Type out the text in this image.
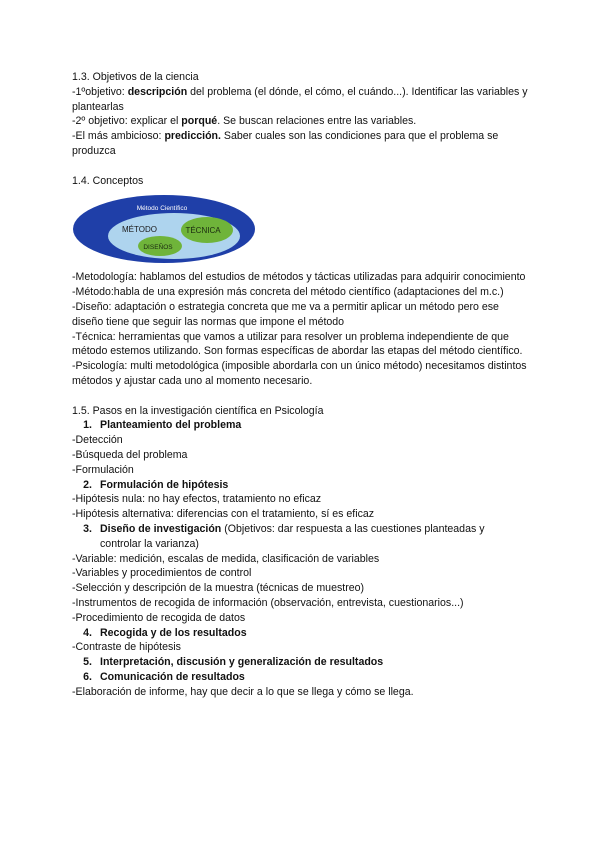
1.3. Objetivos de la ciencia
-1ºobjetivo: descripción del problema (el dónde, el cómo, el cuándo...). Identificar las variables y plantearlas
-2º objetivo: explicar el porqué. Se buscan relaciones entre las variables.
-El más ambicioso: predicción. Saber cuales son las condiciones para que el problema se produzca
1.4. Conceptos
Método Científico
MÉTODO	TÉCNICA
DISEÑOS
-Metodología: hablamos del estudios de métodos y tácticas utilizadas para adquirir conocimiento
-Método:habla de una expresión más concreta del método científico (adaptaciones del m.c.)
-Diseño: adaptación o estrategia concreta que me va a permitir aplicar un método pero ese diseño tiene que seguir las normas que impone el método
-Técnica: herramientas que vamos a utilizar para resolver un problema independiente de que método estemos utilizando. Son formas específicas de abordar las etapas del método científico.
-Psicología: multi metodológica (imposible abordarla con un único método) necesitamos distintos métodos y ajustar cada uno al momento necesario.
1.5. Pasos en la investigación científica en Psicología
1. Planteamiento del problema
-Detección
-Búsqueda del problema
-Formulación
2. Formulación de hipótesis
-Hipótesis nula: no hay efectos, tratamiento no eficaz
-Hipótesis alternativa: diferencias con el tratamiento, sí es eficaz
3. Diseño de investigación (Objetivos: dar respuesta a las cuestiones planteadas y
controlar la varianza)
-Variable: medición, escalas de medida, clasificación de variables
-Variables y procedimientos de control
-Selección y descripción de la muestra (técnicas de muestreo)
-Instrumentos de recogida de información (observación, entrevista, cuestionarios...)
-Procedimiento de recogida de datos
4. Recogida y de los resultados
-Contraste de hipótesis
5. Interpretación, discusión y generalización de resultados
6. Comunicación de resultados
-Elaboración de informe, hay que decir a lo que se llega y cómo se llega.
